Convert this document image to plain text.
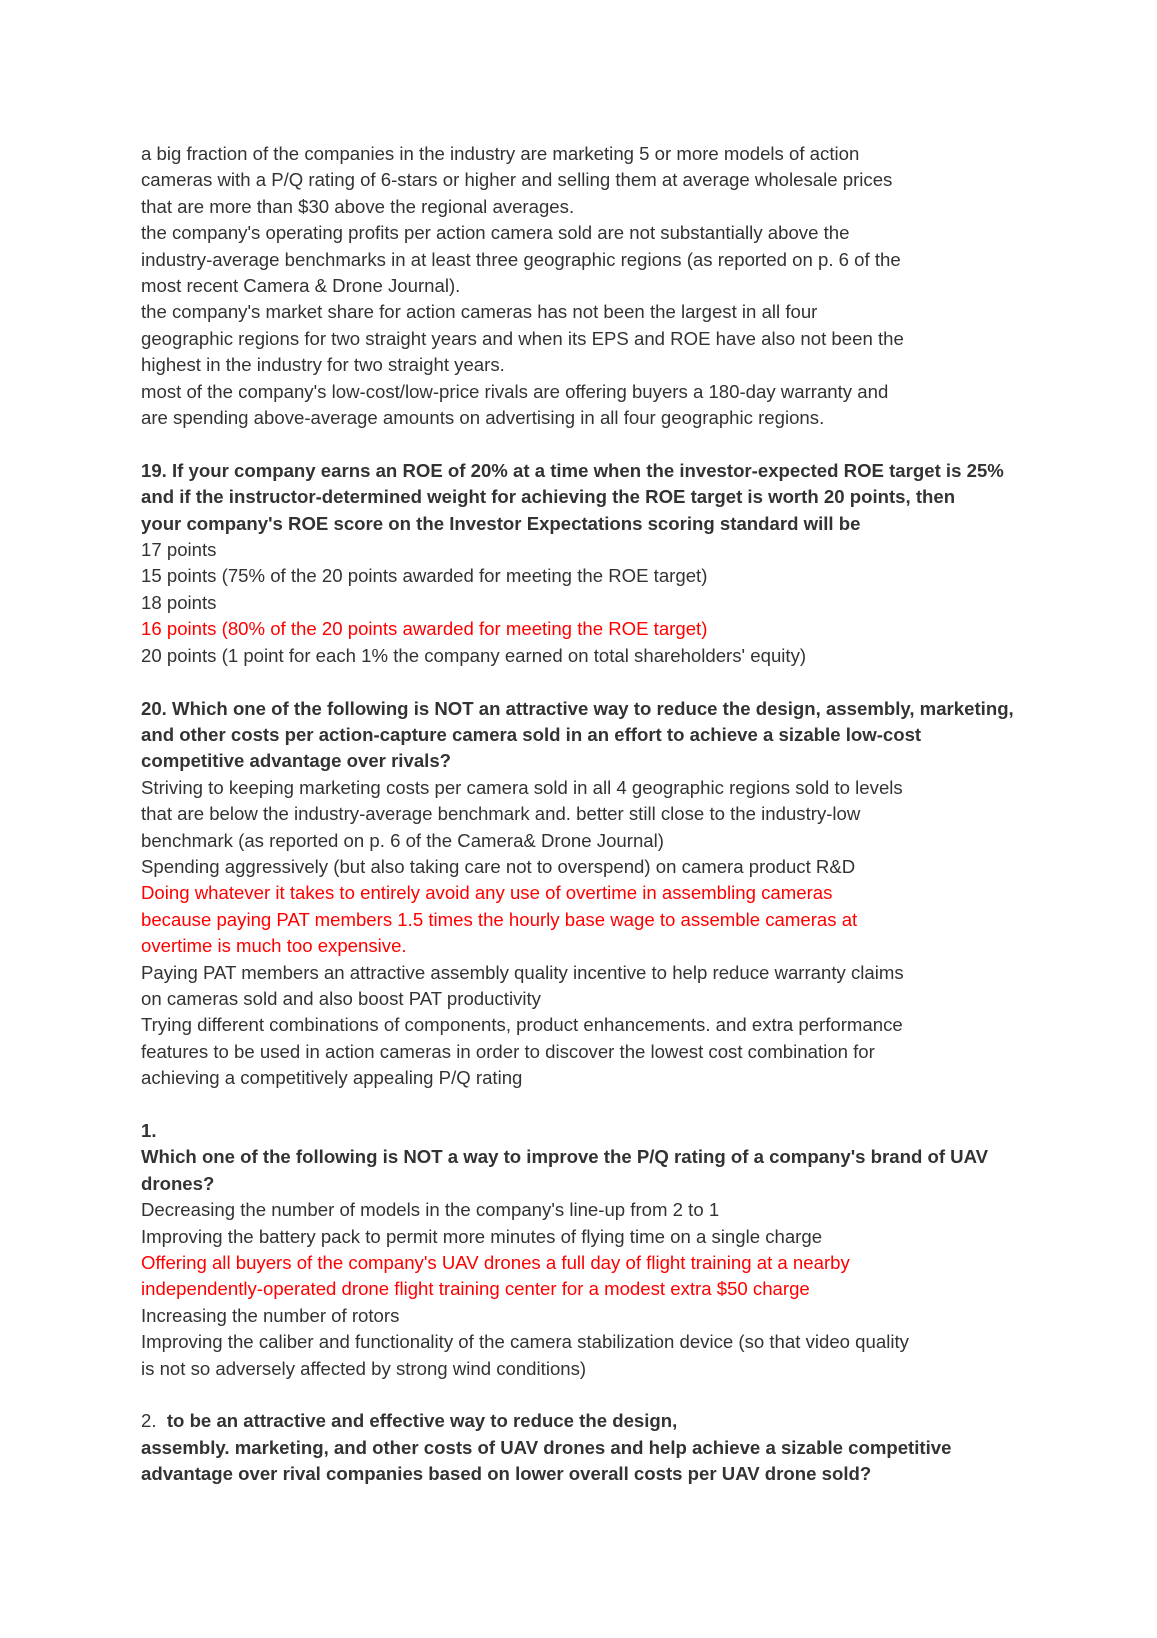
a big fraction of the companies in the industry are marketing 5 or more models of action
cameras with a P/Q rating of 6-stars or higher and selling them at average wholesale prices
that are more than $30 above the regional averages.
the company's operating profits per action camera sold are not substantially above the
industry-average benchmarks in at least three geographic regions (as reported on p. 6 of the
most recent Camera & Drone Journal).
the company's market share for action cameras has not been the largest in all four
geographic regions for two straight years and when its EPS and ROE have also not been the
highest in the industry for two straight years.
most of the company's low-cost/low-price rivals are offering buyers a 180-day warranty and
are spending above-average amounts on advertising in all four geographic regions.
19. If your company earns an ROE of 20% at a time when the investor-expected ROE target is 25%
and if the instructor-determined weight for achieving the ROE target is worth 20 points, then
your company's ROE score on the Investor Expectations scoring standard will be
17 points
15 points (75% of the 20 points awarded for meeting the ROE target)
18 points
16 points (80% of the 20 points awarded for meeting the ROE target)
20 points (1 point for each 1% the company earned on total shareholders' equity)
20. Which one of the following is NOT an attractive way to reduce the design, assembly, marketing,
and other costs per action-capture camera sold in an effort to achieve a sizable low-cost
competitive advantage over rivals?
Striving to keeping marketing costs per camera sold in all 4 geographic regions sold to levels
that are below the industry-average benchmark and. better still close to the industry-low
benchmark (as reported on p. 6 of the Camera& Drone Journal)
Spending aggressively (but also taking care not to overspend) on camera product R&D
Doing whatever it takes to entirely avoid any use of overtime in assembling cameras
because paying PAT members 1.5 times the hourly base wage to assemble cameras at
overtime is much too expensive.
Paying PAT members an attractive assembly quality incentive to help reduce warranty claims
on cameras sold and also boost PAT productivity
Trying different combinations of components, product enhancements. and extra performance
features to be used in action cameras in order to discover the lowest cost combination for
achieving a competitively appealing P/Q rating
1.
Which one of the following is NOT a way to improve the P/Q rating of a company's brand of UAV
drones?
Decreasing the number of models in the company's line-up from 2 to 1
Improving the battery pack to permit more minutes of flying time on a single charge
Offering all buyers of the company's UAV drones a full day of flight training at a nearby
independently-operated drone flight training center for a modest extra $50 charge
Increasing the number of rotors
Improving the caliber and functionality of the camera stabilization device (so that video quality
is not so adversely affected by strong wind conditions)
2. to be an attractive and effective way to reduce the design,
assembly. marketing, and other costs of UAV drones and help achieve a sizable competitive
advantage over rival companies based on lower overall costs per UAV drone sold?
